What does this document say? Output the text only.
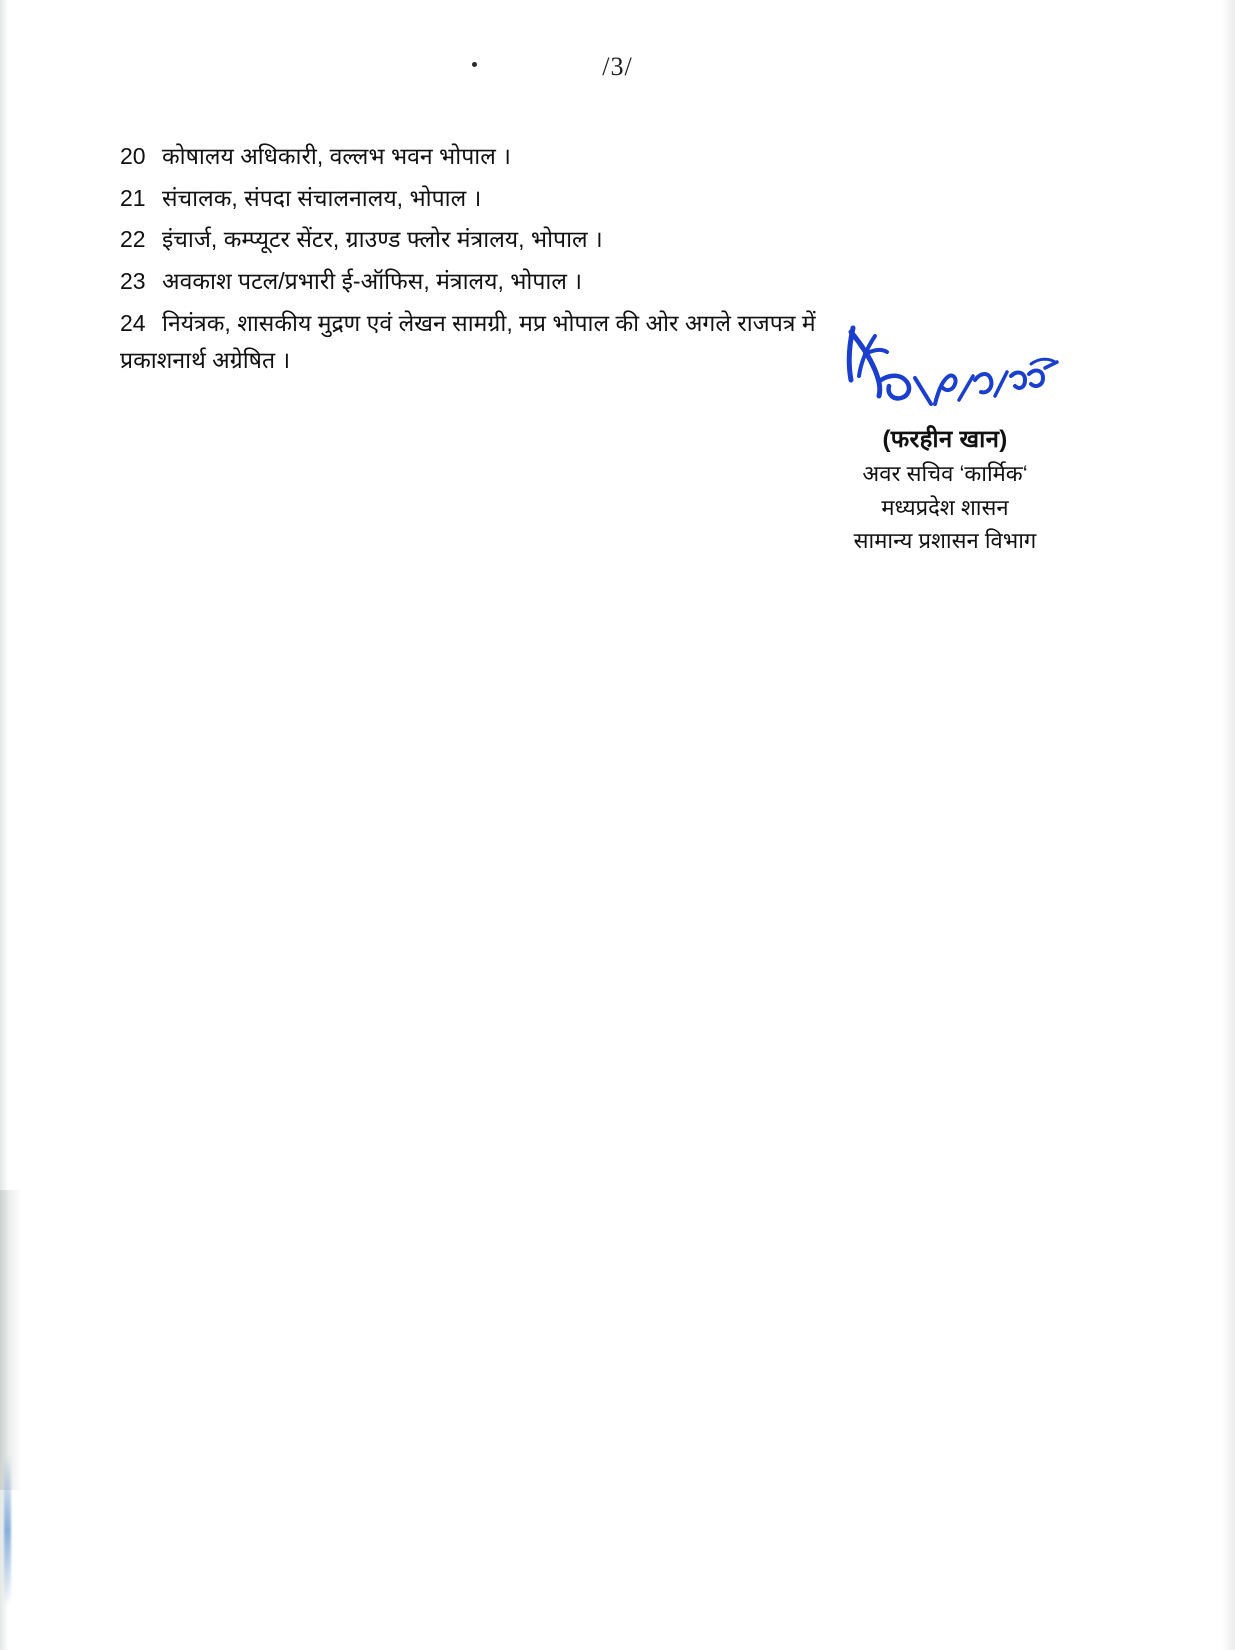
/3/
20 कोषालय अधिकारी, वल्लभ भवन भोपाल ।
21 संचालक, संपदा संचालनालय, भोपाल ।
22 इंचार्ज, कम्प्यूटर सेंटर, ग्राउण्ड फ्लोर मंत्रालय, भोपाल ।
23 अवकाश पटल/प्रभारी ई-ऑफिस, मंत्रालय, भोपाल ।
24 नियंत्रक, शासकीय मुद्रण एवं लेखन सामग्री, मप्र भोपाल की ओर अगले राजपत्र में
प्रकाशनार्थ अग्रेषित ।
(फरहीन खान)
अवर सचिव ‘कार्मिक‘
मध्यप्रदेश शासन
सामान्य प्रशासन विभाग
